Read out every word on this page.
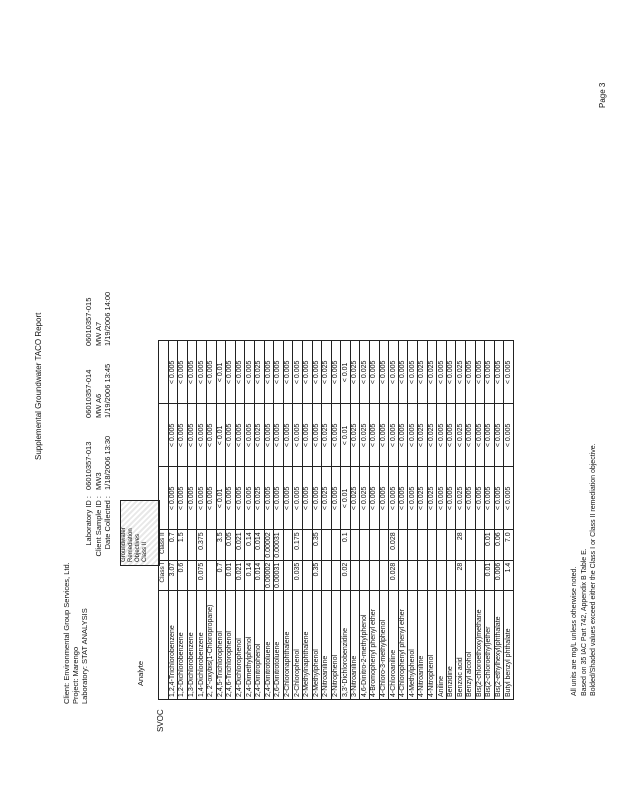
Supplemental Groundwater TACO Report
Page 3
Client: Environmental Group Services, Ltd. Project: Marengo Laboratory: STAT ANALYSIS
Laboratory ID :
06010357-013
06010357-014
06010357-015
Client Sample ID :
MW3
MW A6
MW A7
Date Collected :
1/18/2006 13:30
1/19/2006 13:45
1/19/2006 14:00
Groundwater Remediation Objectives Class II
SVOC
Analyte
	Class I	Class II			
1,2,4-Trichlorobenzene	3.07	0.7	< 0.005	< 0.005	< 0.005
1,2-Dichlorobenzene	0.6	1.5	< 0.005	< 0.005	< 0.005
1,3-Dichlorobenzene			< 0.005	< 0.005	< 0.005
1,4-Dichlorobenzene	0.075	0.375	< 0.005	< 0.005	< 0.005
2, 2'-oxybis(1-Chloropropane)			< 0.005	< 0.005	< 0.005
2,4,5-Trichlorophenol	0.7	3.5	< 0.01	< 0.01	< 0.01
2,4,6-Trichlorophenol	0.01	0.05	< 0.005	< 0.005	< 0.005
2,4-Dichlorophenol	0.021	0.021	< 0.005	< 0.005	< 0.005
2,4-Dimethylphenol	0.14	0.14	< 0.005	< 0.005	< 0.005
2,4-Dinitrophenol	0.014	0.014	< 0.025	< 0.025	< 0.025
2,4-Dinitrotoluene	0.00002	0.00002	< 0.005	< 0.005	< 0.005
2,6-Dinitrotoluene	0.00031	0.00031	< 0.005	< 0.005	< 0.005
2-Chloronaphthalene			< 0.005	< 0.005	< 0.005
2-Chlorophenol	0.035	0.175	< 0.005	< 0.005	< 0.005
2-Methylnaphthalene			< 0.005	< 0.005	< 0.005
2-Methylphenol	0.35	0.35	< 0.005	< 0.005	< 0.005
2-Nitroaniline			< 0.025	< 0.025	< 0.025
2-Nitrophenol			< 0.005	< 0.005	< 0.005
3,3'-Dichlorobenzidine	0.02	0.1	< 0.01	< 0.01	< 0.01
3-Nitroaniline			< 0.025	< 0.025	< 0.025
4,6-Dinitro-2-methylphenol			< 0.025	< 0.025	< 0.025
4-Bromophenyl phenyl ether			< 0.005	< 0.005	< 0.005
4-Chloro-3-methylphenol			< 0.005	< 0.005	< 0.005
4-Chloroaniline	0.028	0.028	< 0.005	< 0.005	< 0.005
4-Chlorophenyl phenyl ether			< 0.005	< 0.005	< 0.005
4-Methylphenol			< 0.005	< 0.005	< 0.005
4-Nitroaniline			< 0.025	< 0.025	< 0.025
4-Nitrophenol			< 0.025	< 0.025	< 0.025
Aniline			< 0.005	< 0.005	< 0.005
Benzidine			< 0.005	< 0.005	< 0.005
Benzoic acid	28	28	< 0.025	< 0.025	< 0.025
Benzyl alcohol			< 0.005	< 0.005	< 0.005
Bis(2-chloroethoxy)methane			< 0.005	< 0.005	< 0.005
Bis(2-chloroethyl)ether	0.01	0.01	< 0.005	< 0.005	< 0.005
Bis(2-ethylhexyl)phthalate	0.006	0.06	< 0.005	< 0.005	< 0.005
Butyl benzyl phthalate	1.4	7.0	< 0.005	< 0.005	< 0.005
All units are mg/L unless otherwise noted. Based on 35 IAC Part 742, Appendix B Table E. Bolded/Shaded values exceed either the Class I or Class II remediation objective.
